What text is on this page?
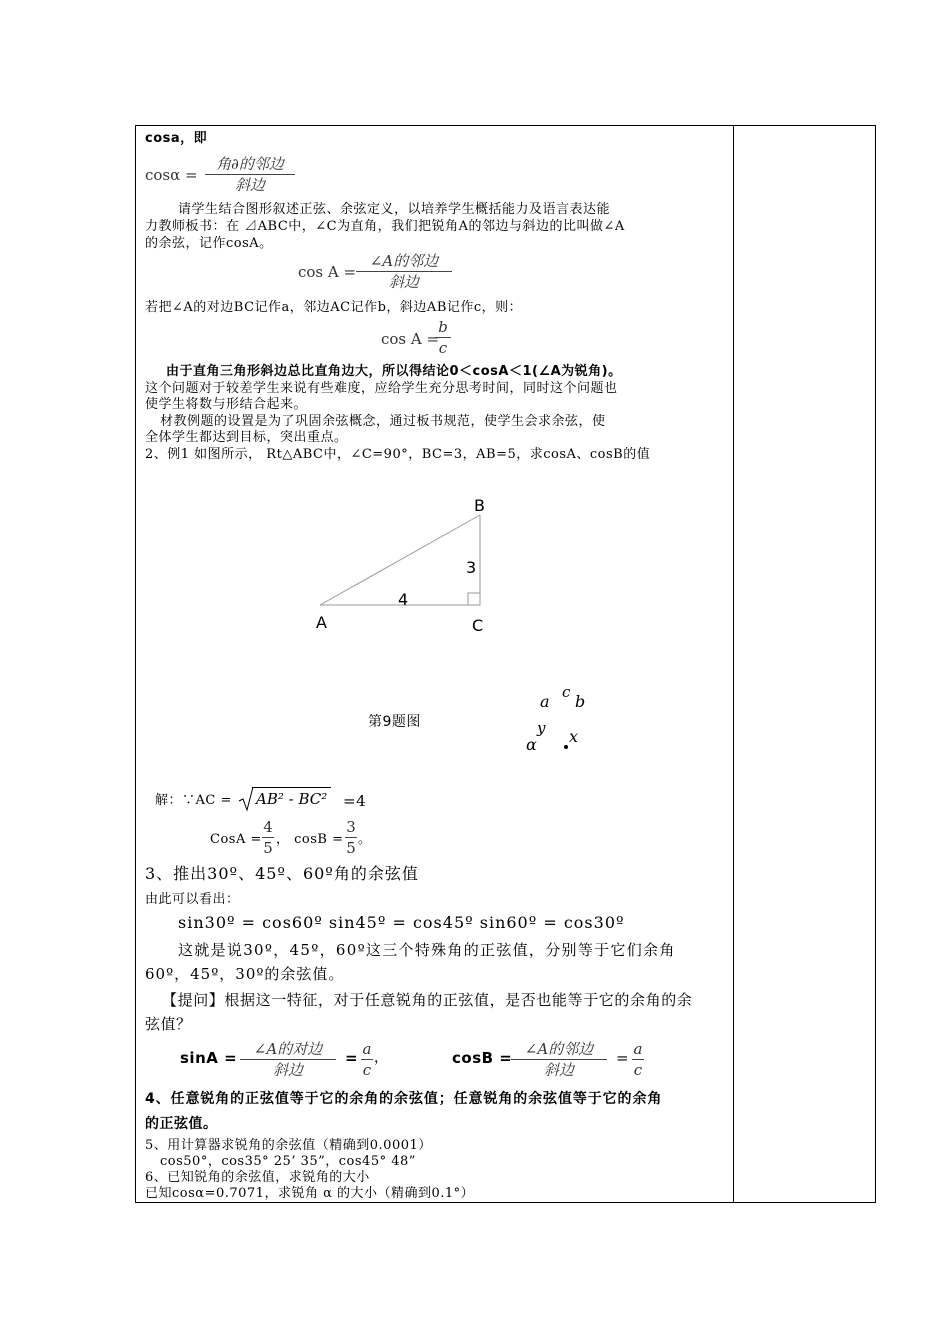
cosa，即
cosα =
角∂的邻边
斜边
请学生结合图形叙述正弦、余弦定义，以培养学生概括能力及语言表达能
力教师板书：在 ⊿ABC中，∠C为直角，我们把锐角A的邻边与斜边的比叫做∠A
的余弦，记作cosA。
cos A =
∠A的邻边
斜边
若把∠A的对边BC记作a，邻边AC记作b，斜边AB记作c，则：
cos A =
b
c
由于直角三角形斜边总比直角边大，所以得结论0＜cosA＜1(∠A为锐角)。
这个问题对于较差学生来说有些难度，应给学生充分思考时间，同时这个问题也
使学生将数与形结合起来。
材教例题的设置是为了巩固余弦概念，通过板书规范，使学生会求余弦，使
全体学生都达到目标，突出重点。
2、例1 如图所示， Rt△ABC中，∠C=90°，BC=3，AB=5，求cosA、cosB的值
B
3
4
A	C
第9题图
a c b
y
α x
解：∵AC = AB² - BC² =4
CosA =
4
5 ， cosB =
3
5 。
3、推出30º、45º、60º角的余弦值
由此可以看出：
sin30º = cos60º sin45º = cos45º sin60º = cos30º
这就是说30º，45º，60º这三个特殊角的正弦值，分别等于它们余角
60º，45º，30º的余弦值。
【提问】根据这一特征，对于任意锐角的正弦值，是否也能等于它的余角的余
弦值？
sinA =	∠A的对边
斜边
= a
c
，	cosB = ∠A的邻边
斜边
= a
c
4、任意锐角的正弦值等于它的余角的余弦值；任意锐角的余弦值等于它的余角
的正弦值。
5、用计算器求锐角的余弦值（精确到0.0001）
cos50°，cos35° 25’ 35”，cos45° 48”
6、已知锐角的余弦值，求锐角的大小
已知cosα=0.7071，求锐角 α 的大小（精确到0.1°）
